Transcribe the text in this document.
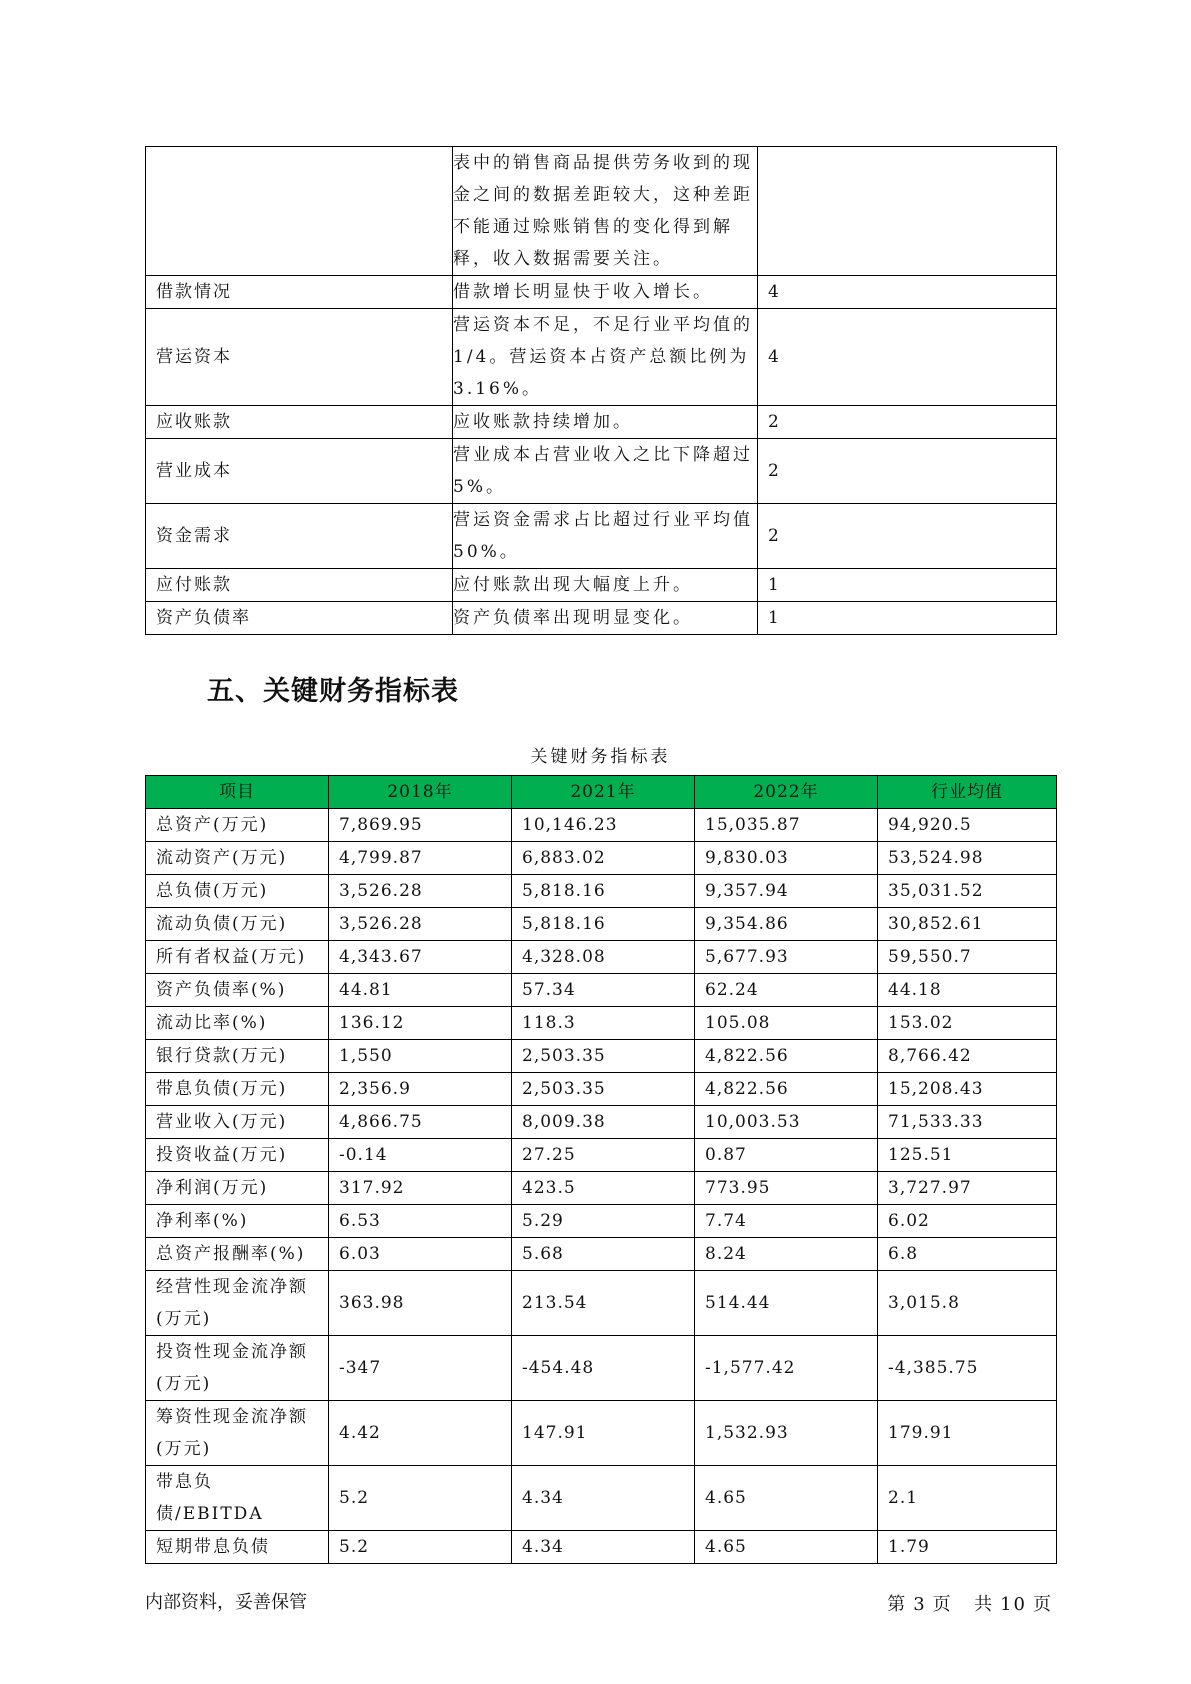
	表中的销售商品提供劳务收到的现金之间的数据差距较大，这种差距不能通过赊账销售的变化得到解释，收入数据需要关注。	
借款情况	借款增长明显快于收入增长。	4
营运资本	营运资本不足，不足行业平均值的1/4。营运资本占资产总额比例为3.16%。	4
应收账款	应收账款持续增加。	2
营业成本	营业成本占营业收入之比下降超过5%。	2
资金需求	营运资金需求占比超过行业平均值50%。	2
应付账款	应付账款出现大幅度上升。	1
资产负债率	资产负债率出现明显变化。	1
五、关键财务指标表
关键财务指标表
项目	2018年	2021年	2022年	行业均值
总资产(万元)	7,869.95	10,146.23	15,035.87	94,920.5
流动资产(万元)	4,799.87	6,883.02	9,830.03	53,524.98
总负债(万元)	3,526.28	5,818.16	9,357.94	35,031.52
流动负债(万元)	3,526.28	5,818.16	9,354.86	30,852.61
所有者权益(万元)	4,343.67	4,328.08	5,677.93	59,550.7
资产负债率(%)	44.81	57.34	62.24	44.18
流动比率(%)	136.12	118.3	105.08	153.02
银行贷款(万元)	1,550	2,503.35	4,822.56	8,766.42
带息负债(万元)	2,356.9	2,503.35	4,822.56	15,208.43
营业收入(万元)	4,866.75	8,009.38	10,003.53	71,533.33
投资收益(万元)	-0.14	27.25	0.87	125.51
净利润(万元)	317.92	423.5	773.95	3,727.97
净利率(%)	6.53	5.29	7.74	6.02
总资产报酬率(%)	6.03	5.68	8.24	6.8
经营性现金流净额(万元)	363.98	213.54	514.44	3,015.8
投资性现金流净额(万元)	-347	-454.48	-1,577.42	-4,385.75
筹资性现金流净额(万元)	4.42	147.91	1,532.93	179.91
带息负债/EBITDA	5.2	4.34	4.65	2.1
短期带息负债	5.2	4.34	4.65	1.79
内部资料，妥善保管	第 3 页 共 10 页
